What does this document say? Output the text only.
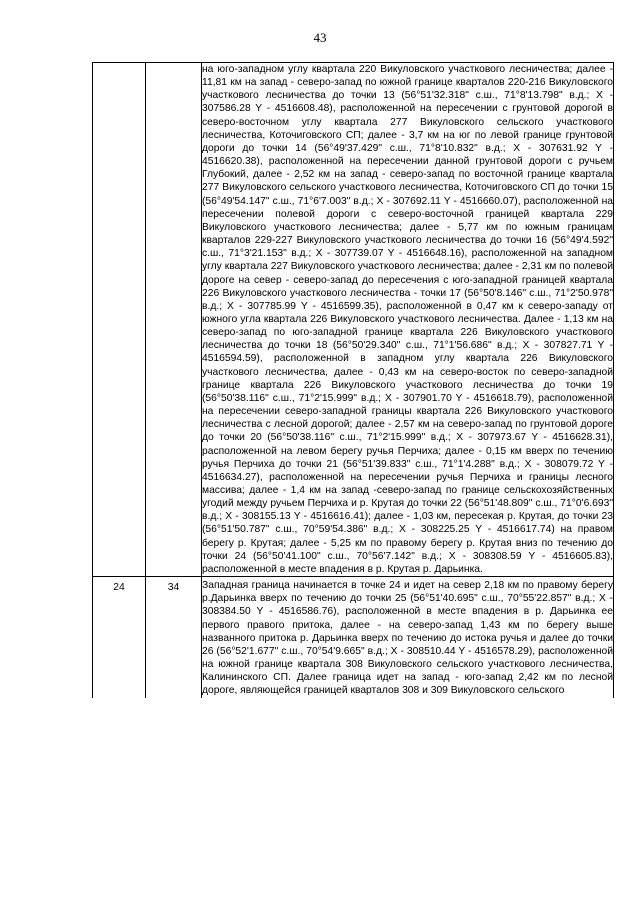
43
		на юго-западном углу квартала 220 Викуловского участкового лесничества; далее - 11,81 км на запад - северо-запад по южной границе кварталов 220-216 Викуловского участкового лесничества до точки 13 (56°51'32.318" с.ш., 71°8'13.798" в.д.; X - 307586.28 Y - 4516608.48), расположенной на пересечении с грунтовой дорогой в северо-восточном углу квартала 277 Викуловского сельского участкового лесничества, Коточиговского СП; далее - 3,7 км на юг по левой границе грунтовой дороги до точки 14 (56°49'37.429" с.ш., 71°8'10.832" в.д.; X - 307631.92 Y - 4516620.38), расположенной на пересечении данной грунтовой дороги с ручьем Глубокий, далее - 2,52 км на запад - северо-запад по восточной границе квартала 277 Викуловского сельского участкового лесничества, Коточиговского СП до точки 15 (56°49'54.147" с.ш., 71°6'7.003" в.д.; X - 307692.11 Y - 4516660.07), расположенной на пересечении полевой дороги с северо-восточной границей квартала 229 Викуловского участкового лесничества; далее - 5,77 км по южным границам кварталов 229-227 Викуловского участкового лесничества до точки 16 (56°49'4.592" с.ш., 71°3'21.153" в.д.; X - 307739.07 Y - 4516648.16), расположенной на западном углу квартала 227 Викуловского участкового лесничества; далее - 2,31 км по полевой дороге на север - северо-запад до пересечения с юго-западной границей квартала 226 Викуловского участкового лесничества - точки 17 (56°50'8.146" с.ш., 71°2'50.978" в.д.; X - 307785.99 Y - 4516599.35), расположенной в 0,47 км к северо-западу от южного угла квартала 226 Викуловского участкового лесничества. Далее - 1,13 км на северо-запад по юго-западной границе квартала 226 Викуловского участкового лесничества до точки 18 (56°50'29.340" с.ш., 71°1'56.686" в.д.; X - 307827.71 Y - 4516594.59), расположенной в западном углу квартала 226 Викуловского участкового лесничества, далее - 0,43 км на северо-восток по северо-западной границе квартала 226 Викуловского участкового лесничества до точки 19 (56°50'38.116" с.ш., 71°2'15.999" в.д.; X - 307901.70 Y - 4516618.79), расположенной на пересечении северо-западной границы квартала 226 Викуловского участкового лесничества с лесной дорогой; далее - 2,57 км на северо-запад по грунтовой дороге до точки 20 (56°50'38.116" с.ш., 71°2'15.999" в.д.; X - 307973.67 Y - 4516628.31), расположенной на левом берегу ручья Перчиха; далее - 0,15 км вверх по течению ручья Перчиха до точки 21 (56°51'39.833" с.ш., 71°1'4.288" в.д.; X - 308079.72 Y - 4516634.27), расположенной на пересечении ручья Перчиха и границы лесного массива; далее - 1,4 км на запад -северо-запад по границе сельскохозяйственных угодий между ручьем Перчиха и р. Крутая до точки 22 (56°51'48.809" с.ш., 71°0'6.693" в.д.; X - 308155.13 Y - 4516616.41); далее - 1,03 км, пересекая р. Крутая, до точки 23 (56°51'50.787" с.ш., 70°59'54.386" в.д.; X - 308225.25 Y - 4516617.74) на правом берегу р. Крутая; далее - 5,25 км по правому берегу р. Крутая вниз по течению до точки 24 (56°50'41.100" с.ш., 70°56'7.142" в.д.; X - 308308.59 Y - 4516605.83), расположенной в месте впадения в р. Крутая р. Дарьинка.
24	34	Западная граница начинается в точке 24 и идет на север 2,18 км по правому берегу р.Дарьинка вверх по течению до точки 25 (56°51'40.695" с.ш., 70°55'22.857" в.д.; X - 308384.50 Y - 4516586.76), расположенной в месте впадения в р. Дарьинка ее первого правого притока, далее - на северо-запад 1,43 км по берегу выше названного притока р. Дарьинка вверх по течению до истока ручья и далее до точки 26 (56°52'1.677" с.ш., 70°54'9.665" в.д.; X - 308510.44 Y - 4516578.29), расположенной на южной границе квартала 308 Викуловского сельского участкового лесничества, Калининского СП. Далее граница идет на запад - юго-запад 2,42 км по лесной дороге, являющейся границей кварталов 308 и 309 Викуловского сельского
